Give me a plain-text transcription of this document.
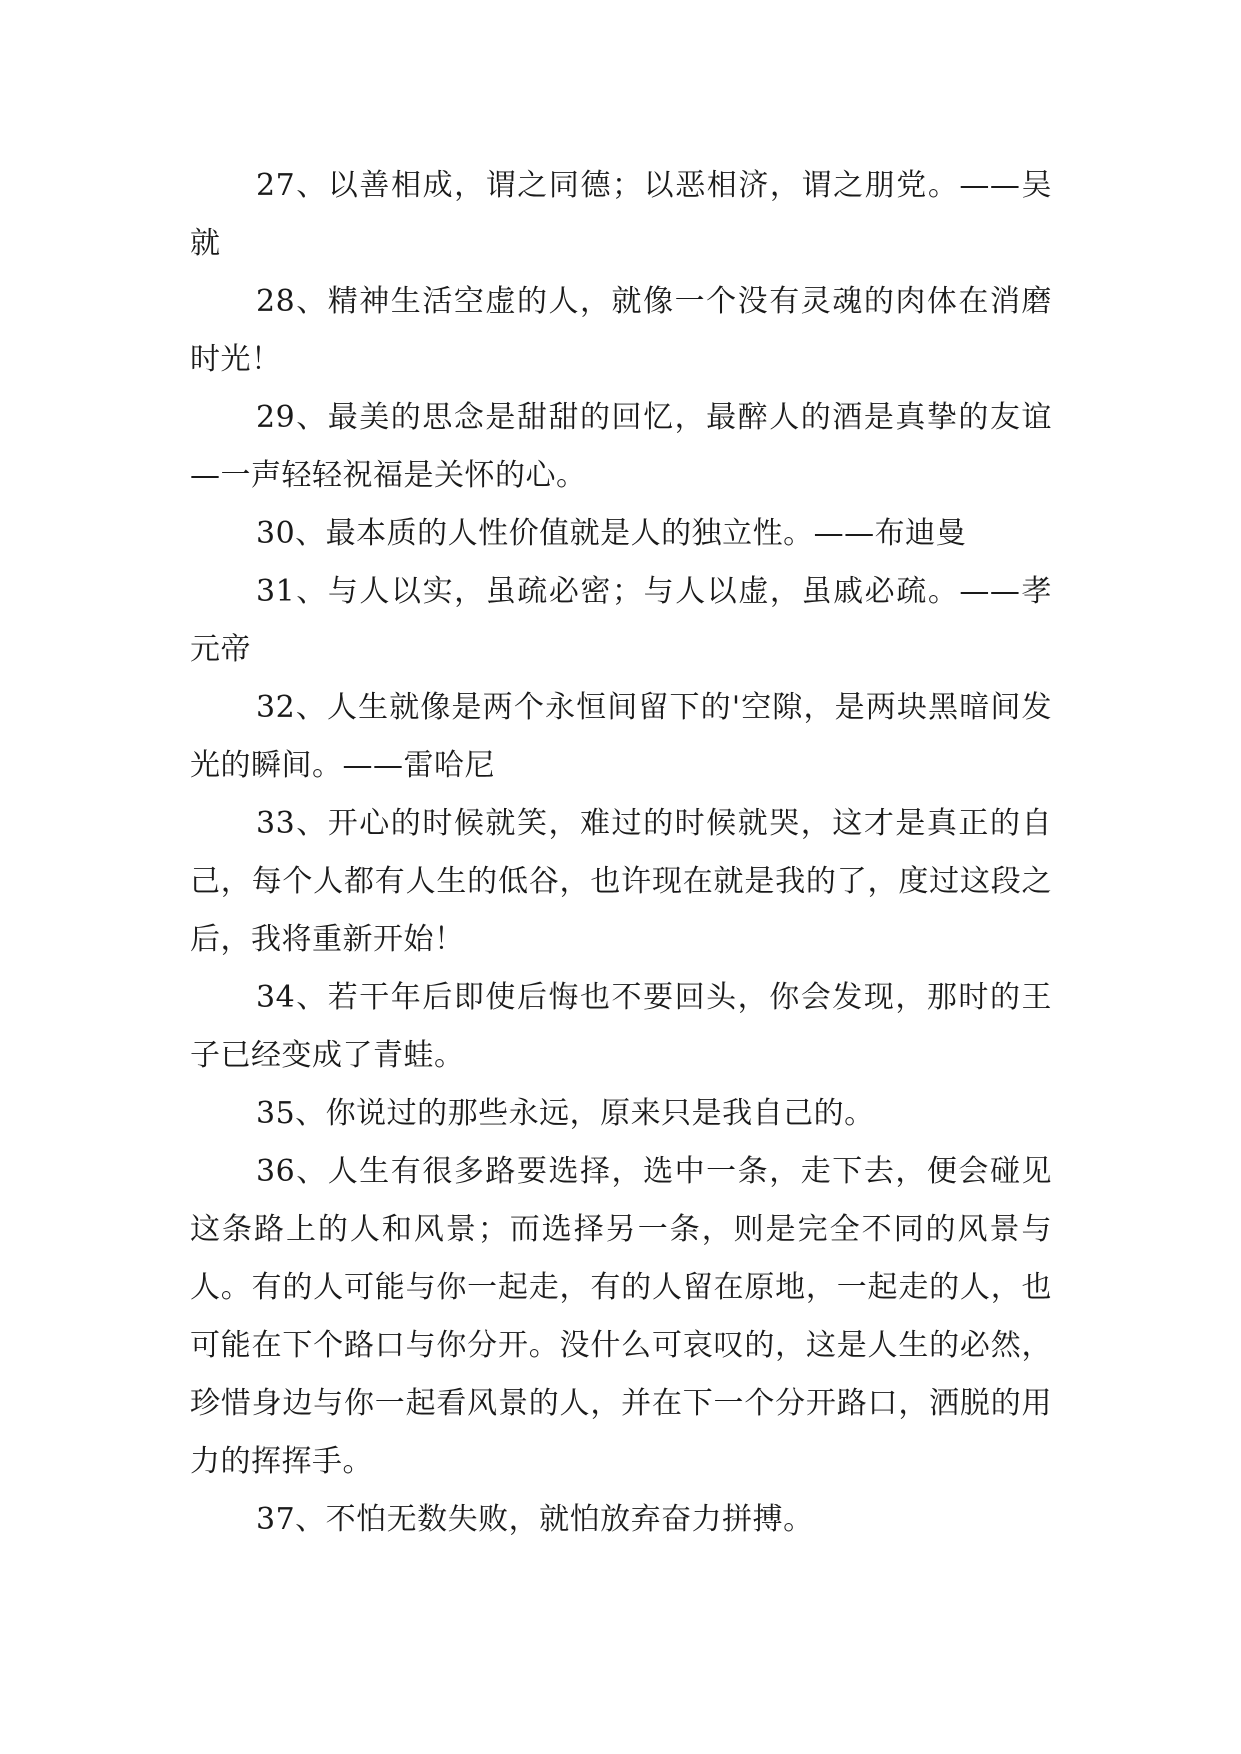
27、以善相成，谓之同德；以恶相济，谓之朋党。——吴就

28、精神生活空虚的人，就像一个没有灵魂的肉体在消磨时光！

29、最美的思念是甜甜的回忆，最醉人的酒是真挚的友谊—一声轻轻祝福是关怀的心。

30、最本质的人性价值就是人的独立性。——布迪曼

31、与人以实，虽疏必密；与人以虚，虽戚必疏。——孝元帝

32、人生就像是两个永恒间留下的'空隙，是两块黑暗间发光的瞬间。——雷哈尼

33、开心的时候就笑，难过的时候就哭，这才是真正的自己，每个人都有人生的低谷，也许现在就是我的了，度过这段之后，我将重新开始！

34、若干年后即使后悔也不要回头，你会发现，那时的王子已经变成了青蛙。

35、你说过的那些永远，原来只是我自己的。

36、人生有很多路要选择，选中一条，走下去，便会碰见这条路上的人和风景；而选择另一条，则是完全不同的风景与人。有的人可能与你一起走，有的人留在原地，一起走的人，也可能在下个路口与你分开。没什么可哀叹的，这是人生的必然，珍惜身边与你一起看风景的人，并在下一个分开路口，洒脱的用力的挥挥手。

37、不怕无数失败，就怕放弃奋力拼搏。
